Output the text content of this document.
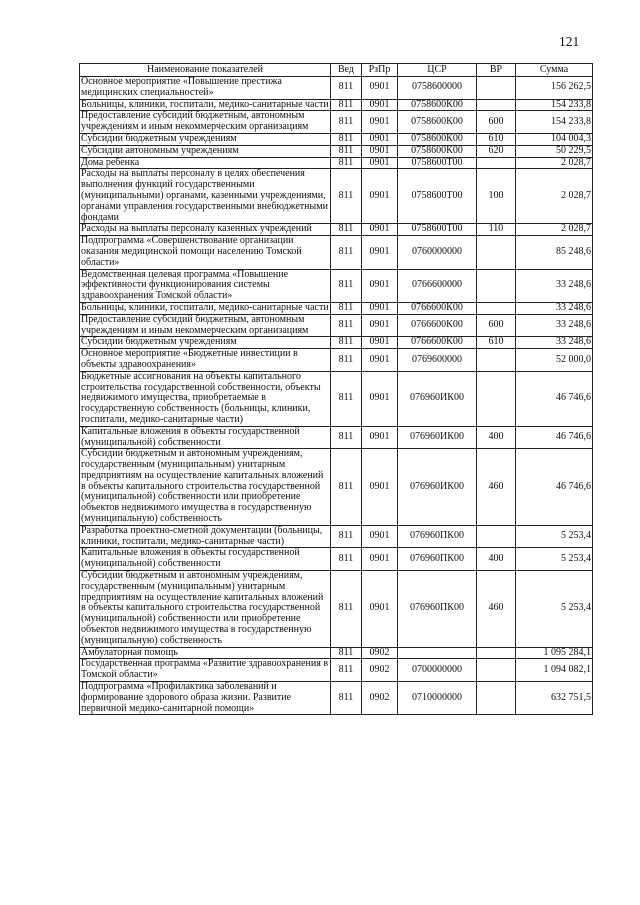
121
Наименование показателей	Вед	РзПр	ЦСР	ВР	Сумма
Основное мероприятие «Повышение престижа медицинских специальностей»	811	0901	0758600000		156 262,5
Больницы, клиники, госпитали, медико-санитарные части	811	0901	0758600К00		154 233,8
Предоставление субсидий бюджетным, автономным учреждениям и иным некоммерческим организациям	811	0901	0758600К00	600	154 233,8
Субсидии бюджетным учреждениям	811	0901	0758600К00	610	104 004,3
Субсидии автономным учреждениям	811	0901	0758600К00	620	50 229,5
Дома ребенка	811	0901	0758600Т00		2 028,7
Расходы на выплаты персоналу в целях обеспечения выполнения функций государственными (муниципальными) органами, казенными учреждениями, органами управления государственными внебюджетными фондами	811	0901	0758600Т00	100	2 028,7
Расходы на выплаты персоналу казенных учреждений	811	0901	0758600Т00	110	2 028,7
Подпрограмма «Совершенствование организации оказания медицинской помощи населению Томской области»	811	0901	0760000000		85 248,6
Ведомственная целевая программа «Повышение эффективности функционирования системы здравоохранения Томской области»	811	0901	0766600000		33 248,6
Больницы, клиники, госпитали, медико-санитарные части	811	0901	0766600К00		33 248,6
Предоставление субсидий бюджетным, автономным учреждениям и иным некоммерческим организациям	811	0901	0766600К00	600	33 248,6
Субсидии бюджетным учреждениям	811	0901	0766600К00	610	33 248,6
Основное мероприятие «Бюджетные инвестиции в объекты здравоохранения»	811	0901	0769600000		52 000,0
Бюджетные ассигнования на объекты капитального строительства государственной собственности, объекты недвижимого имущества, приобретаемые в государственную собственность (больницы, клиники, госпитали, медико-санитарные части)	811	0901	076960ИК00		46 746,6
Капитальные вложения в объекты государственной (муниципальной) собственности	811	0901	076960ИК00	400	46 746,6
Субсидии бюджетным и автономным учреждениям, государственным (муниципальным) унитарным предприятиям на осуществление капитальных вложений в объекты капитального строительства государственной (муниципальной) собственности или приобретение объектов недвижимого имущества в государственную (муниципальную) собственность	811	0901	076960ИК00	460	46 746,6
Разработка проектно-сметной документации (больницы, клиники, госпитали, медико-санитарные части)	811	0901	076960ПК00		5 253,4
Капитальные вложения в объекты государственной (муниципальной) собственности	811	0901	076960ПК00	400	5 253,4
Субсидии бюджетным и автономным учреждениям, государственным (муниципальным) унитарным предприятиям на осуществление капитальных вложений в объекты капитального строительства государственной (муниципальной) собственности или приобретение объектов недвижимого имущества в государственную (муниципальную) собственность	811	0901	076960ПК00	460	5 253,4
Амбулаторная помощь	811	0902			1 095 284,1
Государственная программа «Развитие здравоохранения в Томской области»	811	0902	0700000000		1 094 082,1
Подпрограмма «Профилактика заболеваний и формирование здорового образа жизни. Развитие первичной медико-санитарной помощи»	811	0902	0710000000		632 751,5
